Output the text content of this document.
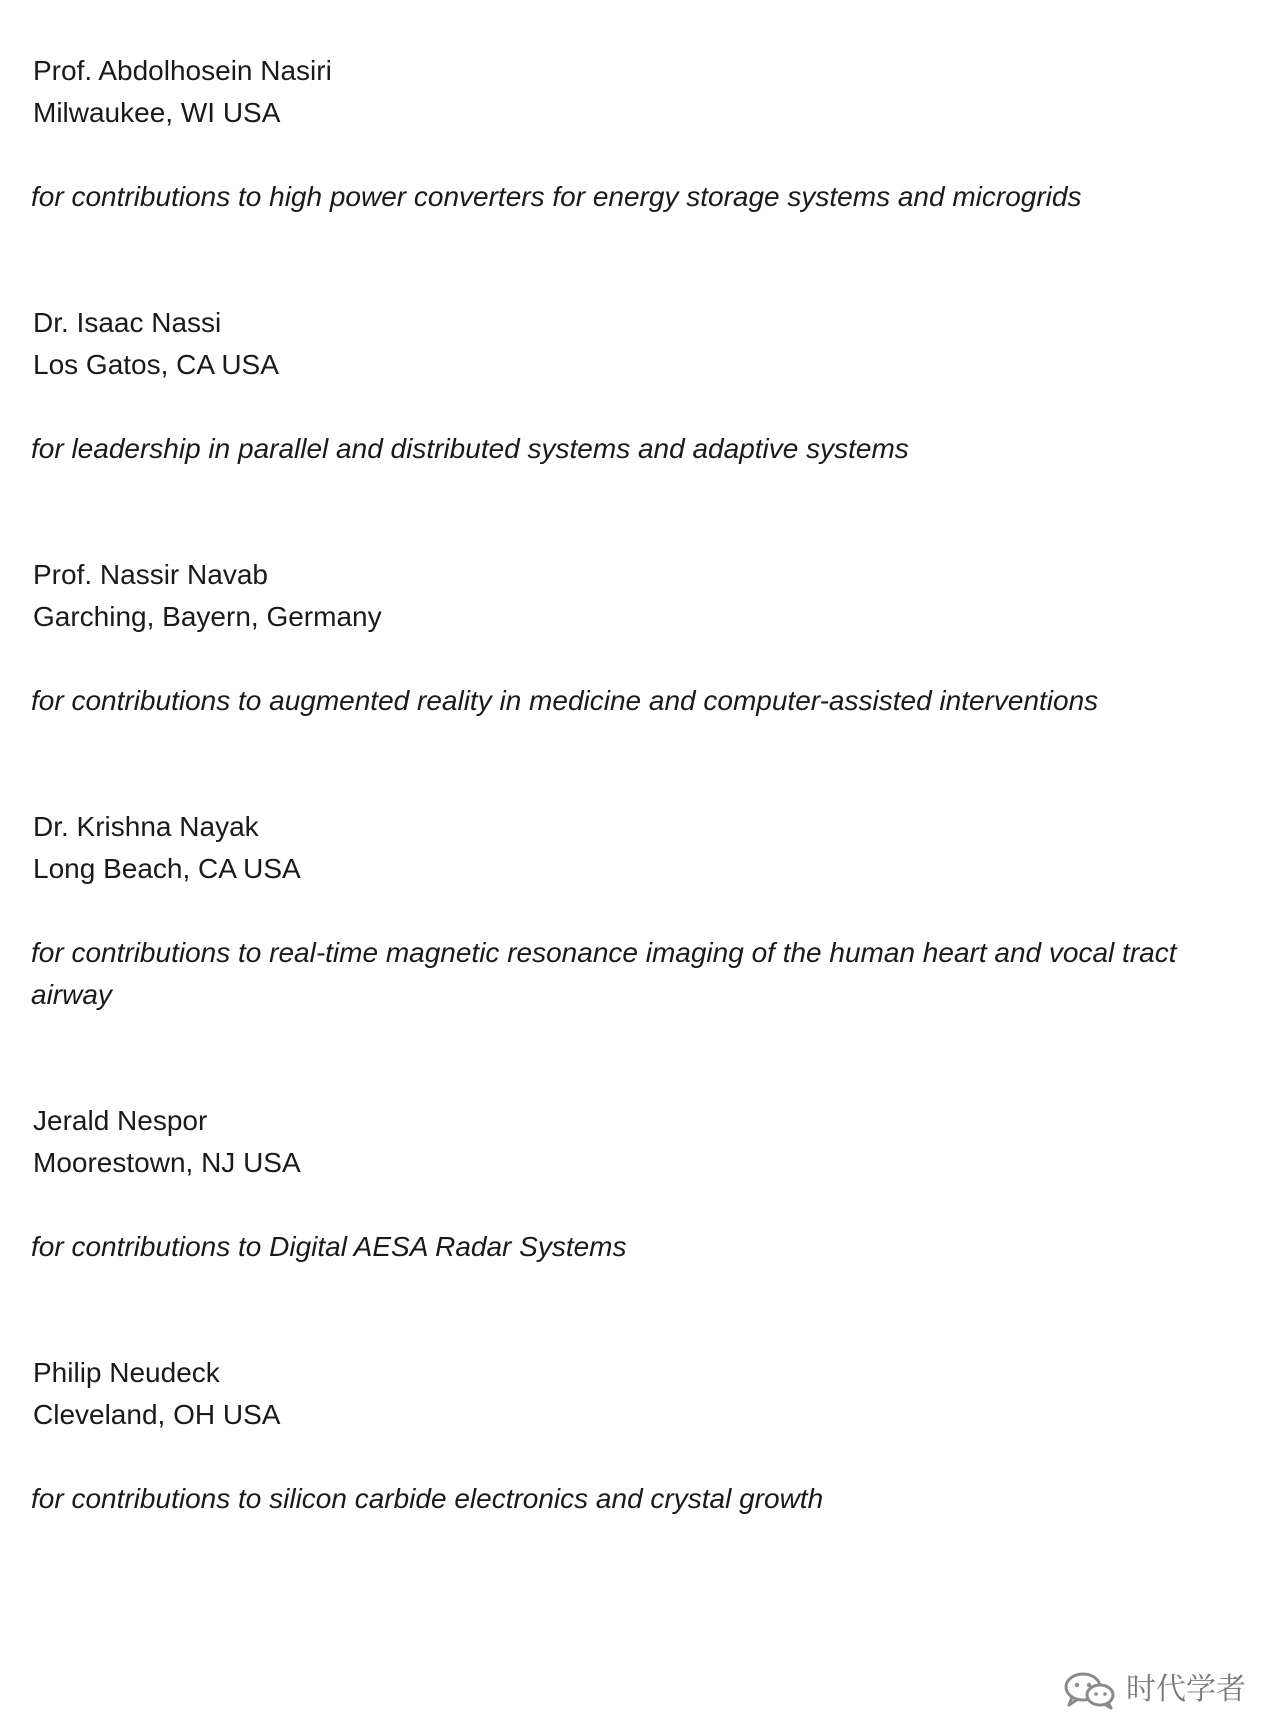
Prof. Abdolhosein Nasiri
Milwaukee, WI USA
for contributions to high power converters for energy storage systems and microgrids
Dr. Isaac Nassi
Los Gatos, CA USA
for leadership in parallel and distributed systems and adaptive systems
Prof. Nassir Navab
Garching, Bayern, Germany
for contributions to augmented reality in medicine and computer-assisted interventions
Dr. Krishna Nayak
Long Beach, CA USA
for contributions to real-time magnetic resonance imaging of the human heart and vocal tract airway
Jerald Nespor
Moorestown, NJ USA
for contributions to Digital AESA Radar Systems
Philip Neudeck
Cleveland, OH USA
for contributions to silicon carbide electronics and crystal growth
时代学者
